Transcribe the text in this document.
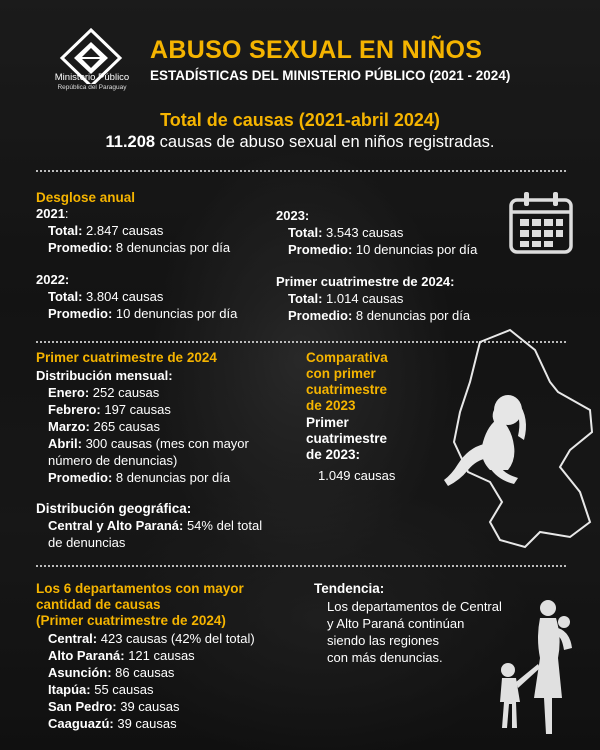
Ministerio Público
República del Paraguay
ABUSO SEXUAL EN NIÑOS
ESTADÍSTICAS DEL MINISTERIO PÚBLICO (2021 - 2024)
Total de causas (2021-abril 2024)
11.208 causas de abuso sexual en niños registradas.
Desglose anual
2021:
Total: 2.847 causas
Promedio: 8 denuncias por día
2022:
Total: 3.804 causas
Promedio: 10 denuncias por día
2023:
Total: 3.543 causas
Promedio: 10 denuncias por día
Primer cuatrimestre de 2024:
Total: 1.014 causas
Promedio: 8 denuncias por día
Primer cuatrimestre de 2024
Distribución mensual:
Enero: 252 causas
Febrero: 197 causas
Marzo: 265 causas
Abril: 300 causas (mes con mayor
número de denuncias)
Promedio: 8 denuncias por día
Distribución geográfica:
Central y Alto Paraná: 54% del total
de denuncias
Comparativa
con primer
cuatrimestre
de 2023
Primer
cuatrimestre
de 2023:
1.049 causas
Los 6 departamentos con mayor
cantidad de causas
(Primer cuatrimestre de 2024)
Central: 423 causas (42% del total)
Alto Paraná: 121 causas
Asunción: 86 causas
Itapúa: 55 causas
San Pedro: 39 causas
Caaguazú: 39 causas
Tendencia:
Los departamentos de Central
y Alto Paraná continúan
siendo las regiones
con más denuncias.
